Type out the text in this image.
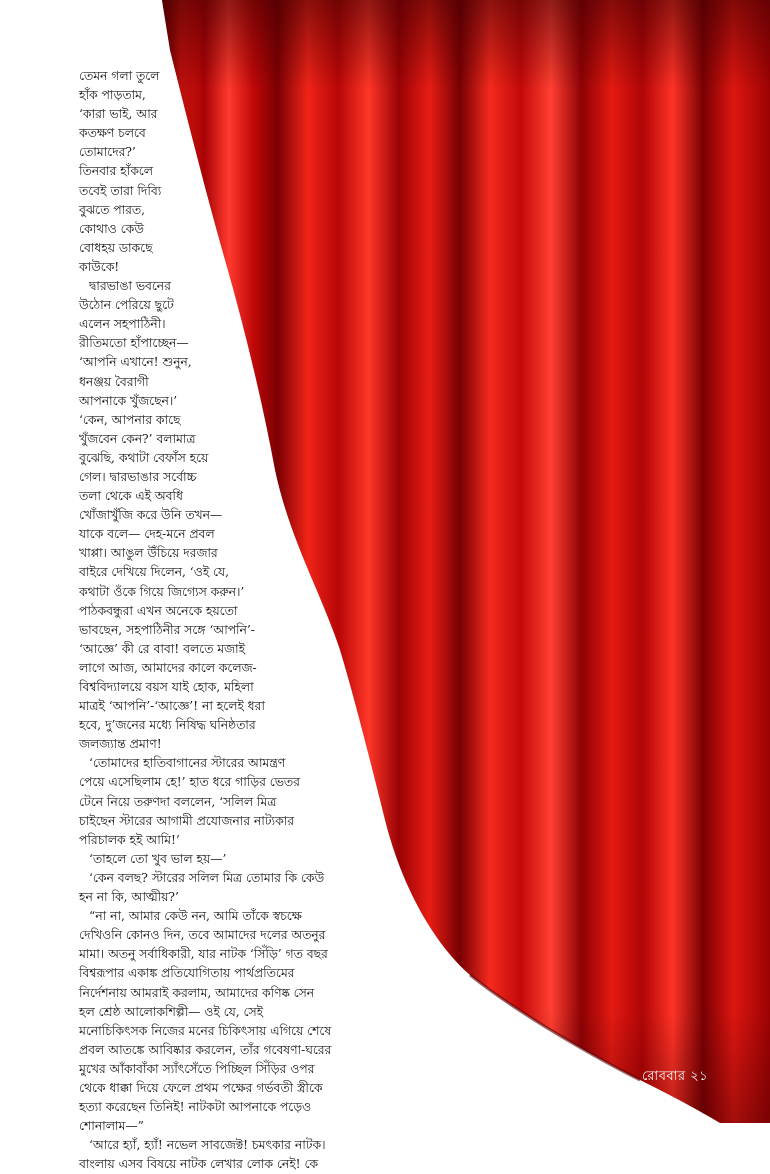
তেমন গলা তুলে
হাঁক পাড়তাম,
‘কারা ভাই, আর
কতক্ষণ চলবে
তোমাদের?’
তিনবার হাঁকলে
তবেই তারা দিব্যি
বুঝতে পারত,
কোথাও কেউ
বোধহয় ডাকছে
কাউকে!
দ্বারভাঙা ভবনের
উঠোন পেরিয়ে ছুটে
এলেন সহপাঠিনী।
রীতিমতো হাঁপাচ্ছেন—
‘আপনি এখানে! শুনুন,
ধনঞ্জয় বৈরাগী
আপনাকে খুঁজছেন।’
‘কেন, আপনার কাছে
খুঁজবেন কেন?’ বলামাত্র
বুঝেছি, কথাটা বেফাঁস হয়ে
গেল। দ্বারভাঙার সর্বোচ্চ
তলা থেকে এই অবধি
খোঁজাখুঁজি করে উনি তখন—
যাকে বলে— দেহ-মনে প্রবল
খাপ্পা। আঙুল উঁচিয়ে দরজার
বাইরে দেখিয়ে দিলেন, ‘ওই যে,
কথাটা ওঁকে গিয়ে জিগ্যেস করুন।’
পাঠকবন্ধুরা এখন অনেকে হয়তো
ভাবছেন, সহপাঠিনীর সঙ্গে ‘আপনি’-
‘আজ্ঞে’ কী রে বাবা! বলতে মজাই
লাগে আজ, আমাদের কালে কলেজ-
বিশ্ববিদ্যালয়ে বয়স যাই হোক, মহিলা
মাত্রই ‘আপনি’-‘আজ্ঞে’! না হলেই ধরা
হবে, দু’জনের মধ্যে নিষিদ্ধ ঘনিষ্ঠতার
জলজ্যান্ত প্রমাণ!
‘তোমাদের হাতিবাগানের স্টারের আমন্ত্রণ
পেয়ে এসেছিলাম হে!’ হাত ধরে গাড়ির ভেতর
টেনে নিয়ে তরুণদা বললেন, ‘সলিল মিত্র
চাইছেন স্টারের আগামী প্রযোজনার নাট্যকার
পরিচালক হই আমি!’
‘তাহলে তো খুব ভাল হয়—’
‘কেন বলছ? স্টারের সলিল মিত্র তোমার কি কেউ
হন না কি, আত্মীয়?’
“না না, আমার কেউ নন, আমি তাঁকে স্বচক্ষে
দেখিওনি কোনও দিন, তবে আমাদের দলের অতনুর
মামা। অতনু সর্বাধিকারী, যার নাটক ‘সিঁড়ি’ গত বছর
বিশ্বরূপার একাঙ্ক প্রতিযোগিতায় পার্থপ্রতিমের
নির্দেশনায় আমরাই করলাম, আমাদের কণিষ্ক সেন
হল শ্রেষ্ঠ আলোকশিল্পী— ওই যে, সেই
মনোচিকিৎসক নিজের মনের চিকিৎসায় এগিয়ে শেষে
প্রবল আতঙ্কে আবিষ্কার করলেন, তাঁর গবেষণা-ঘরের
মুখের আঁকাবাঁকা স্যাঁৎসেঁতে পিচ্ছিল সিঁড়ির ওপর
থেকে ধাক্কা দিয়ে ফেলে প্রথম পক্ষের গর্ভবতী স্ত্রীকে
হত্যা করেছেন তিনিই! নাটকটা আপনাকে পড়েও
শোনালাম—”
‘আরে হ্যাঁ, হ্যাঁ! নভেল সাবজেক্ট! চমৎকার নাটক।
বাংলায় এসব বিষয়ে নাটক লেখার লোক নেই! কে
রোববার ২১
